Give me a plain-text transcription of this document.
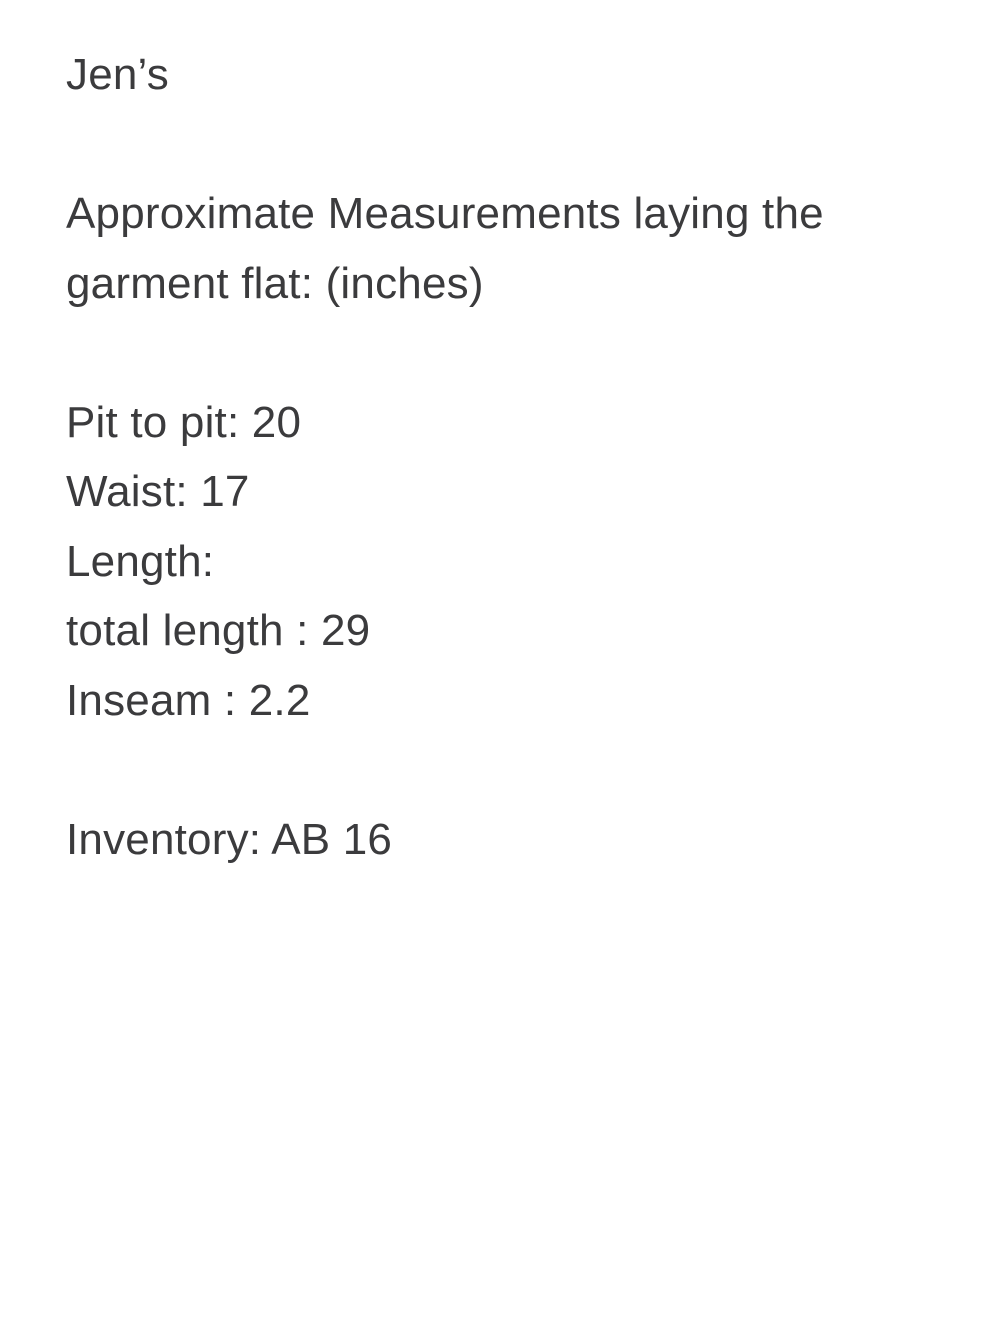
Jen’s
Approximate Measurements laying the
garment flat: (inches)
Pit to pit: 20
Waist: 17
Length:
total length : 29
Inseam : 2.2
Inventory: AB 16
